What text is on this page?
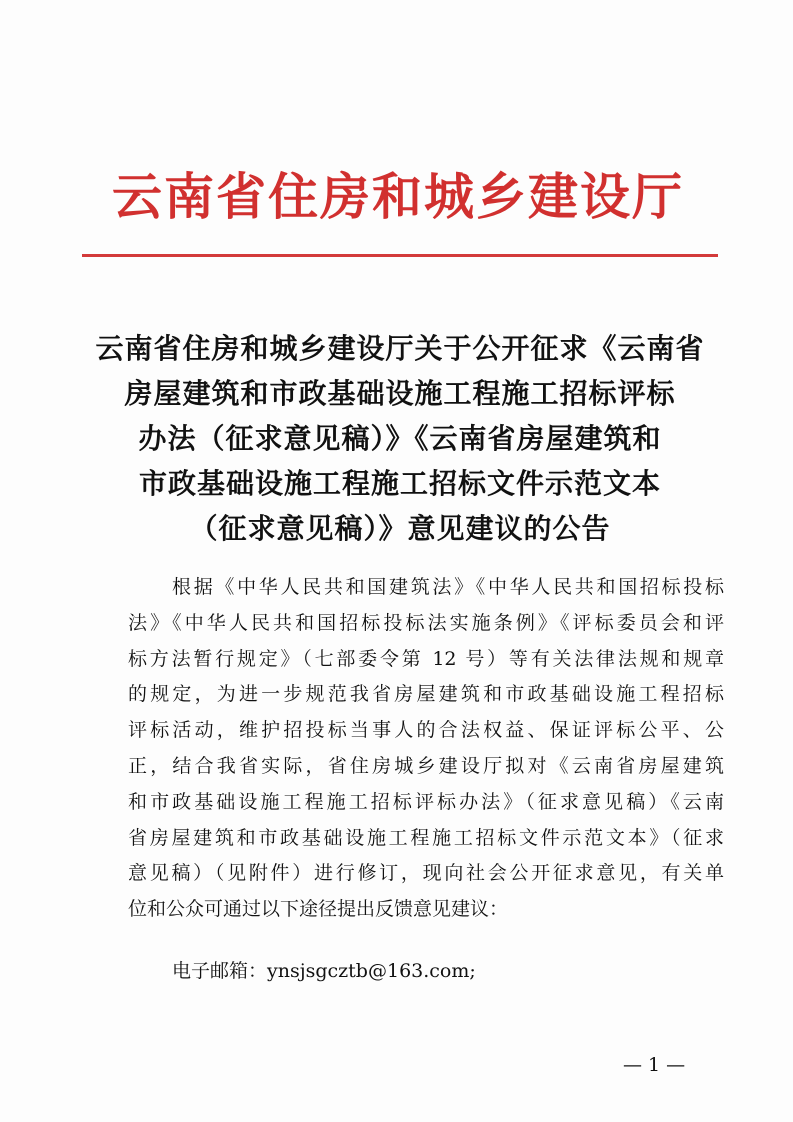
云南省住房和城乡建设厅
云南省住房和城乡建设厅关于公开征求《云南省
房屋建筑和市政基础设施工程施工招标评标
办法（征求意见稿）》《云南省房屋建筑和
市政基础设施工程施工招标文件示范文本
（征求意见稿）》意见建议的公告
根据《中华人民共和国建筑法》《中华人民共和国招标投标
法》《中华人民共和国招标投标法实施条例》《评标委员会和评
标方法暂行规定》（七部委令第 12 号）等有关法律法规和规章
的规定，为进一步规范我省房屋建筑和市政基础设施工程招标
评标活动，维护招投标当事人的合法权益、保证评标公平、公
正，结合我省实际，省住房城乡建设厅拟对《云南省房屋建筑
和市政基础设施工程施工招标评标办法》（征求意见稿）《云南
省房屋建筑和市政基础设施工程施工招标文件示范文本》（征求
意见稿）（见附件）进行修订，现向社会公开征求意见，有关单
位和公众可通过以下途径提出反馈意见建议：
电子邮箱：ynsjsgcztb@163.com;
— 1 —
